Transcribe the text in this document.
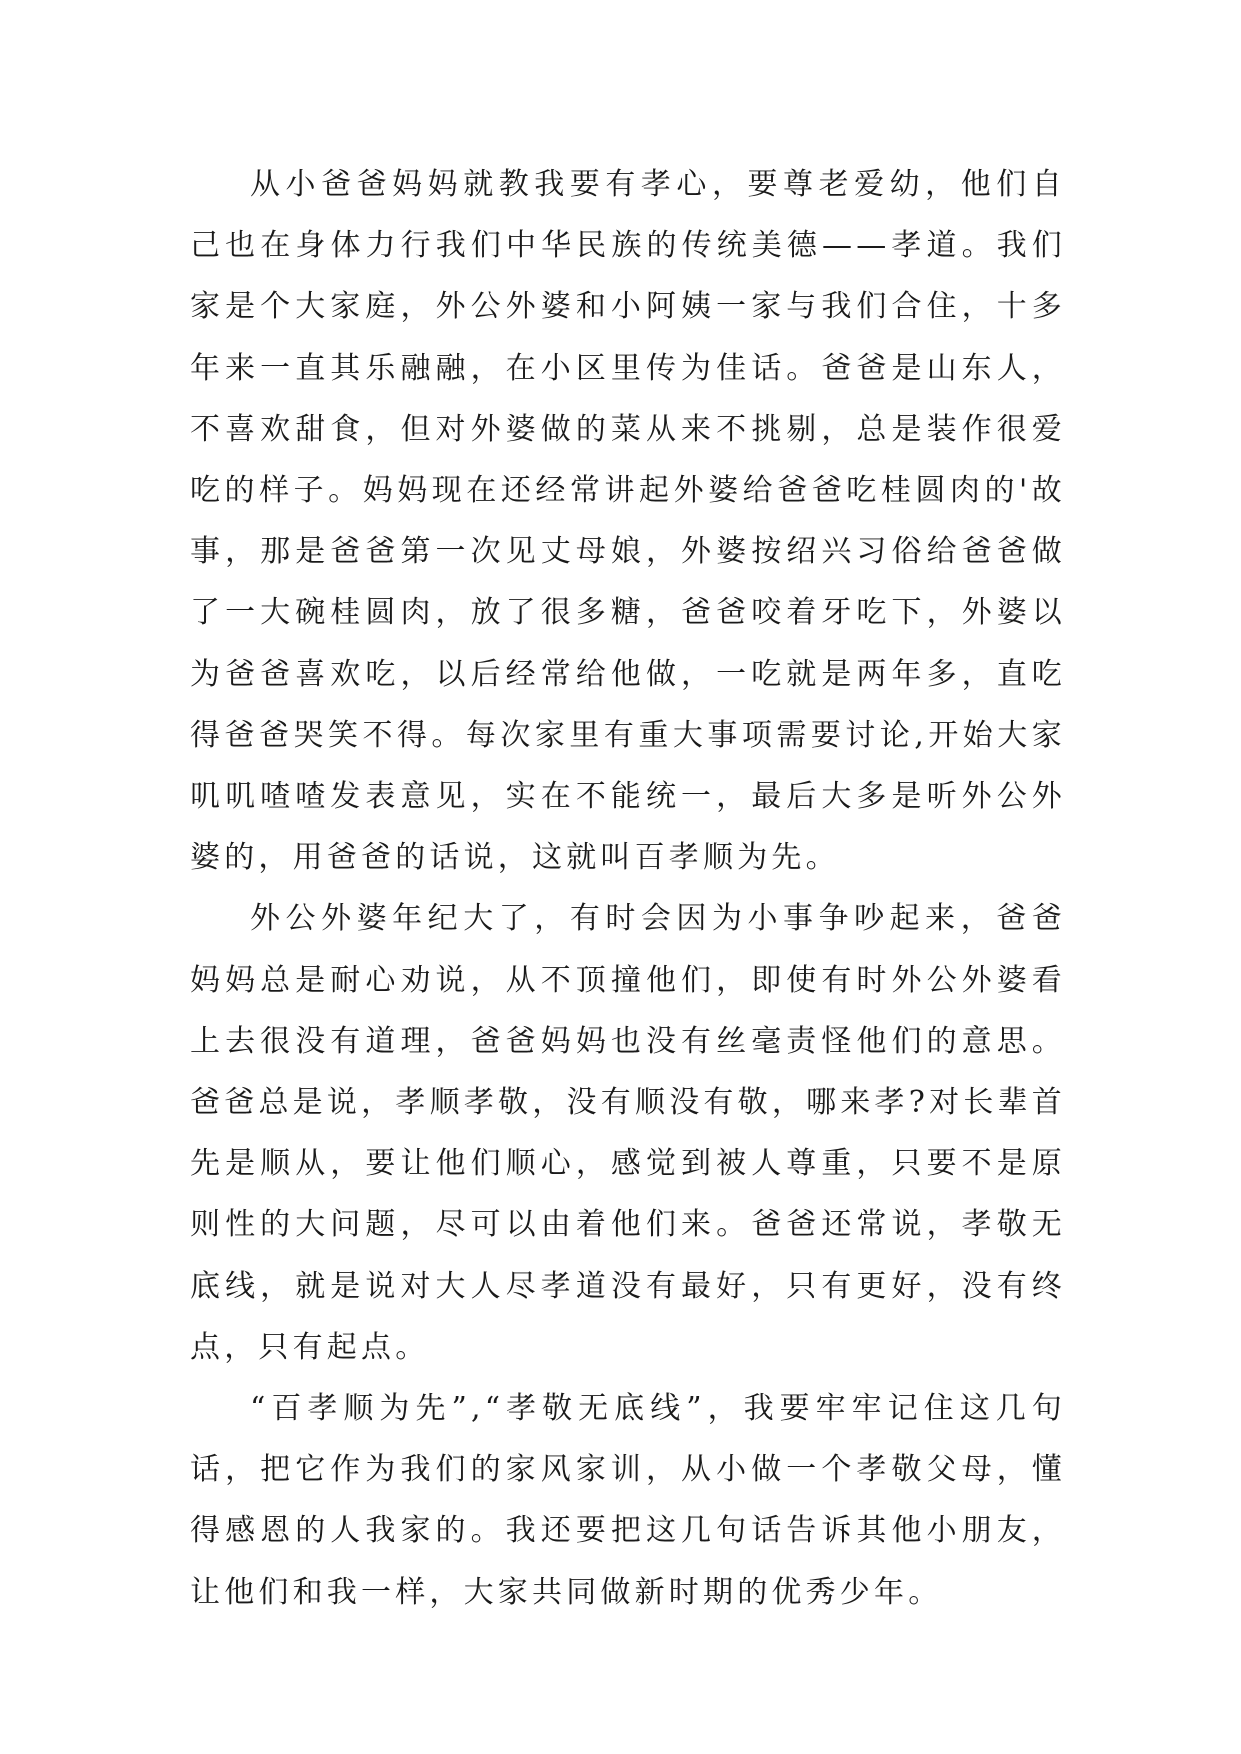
从小爸爸妈妈就教我要有孝心，要尊老爱幼，他们自己也在身体力行我们中华民族的传统美德——孝道。我们家是个大家庭，外公外婆和小阿姨一家与我们合住，十多年来一直其乐融融，在小区里传为佳话。爸爸是山东人，不喜欢甜食，但对外婆做的菜从来不挑剔，总是装作很爱吃的样子。妈妈现在还经常讲起外婆给爸爸吃桂圆肉的'故事，那是爸爸第一次见丈母娘，外婆按绍兴习俗给爸爸做了一大碗桂圆肉，放了很多糖，爸爸咬着牙吃下，外婆以为爸爸喜欢吃，以后经常给他做，一吃就是两年多，直吃得爸爸哭笑不得。每次家里有重大事项需要讨论,开始大家叽叽喳喳发表意见，实在不能统一，最后大多是听外公外婆的，用爸爸的话说，这就叫百孝顺为先。

外公外婆年纪大了，有时会因为小事争吵起来，爸爸妈妈总是耐心劝说，从不顶撞他们，即使有时外公外婆看上去很没有道理，爸爸妈妈也没有丝毫责怪他们的意思。爸爸总是说，孝顺孝敬，没有顺没有敬，哪来孝?对长辈首先是顺从，要让他们顺心，感觉到被人尊重，只要不是原则性的大问题，尽可以由着他们来。爸爸还常说，孝敬无底线，就是说对大人尽孝道没有最好，只有更好，没有终点，只有起点。

“百孝顺为先”,“孝敬无底线”，我要牢牢记住这几句话，把它作为我们的家风家训，从小做一个孝敬父母，懂得感恩的人我家的。我还要把这几句话告诉其他小朋友，让他们和我一样，大家共同做新时期的优秀少年。
